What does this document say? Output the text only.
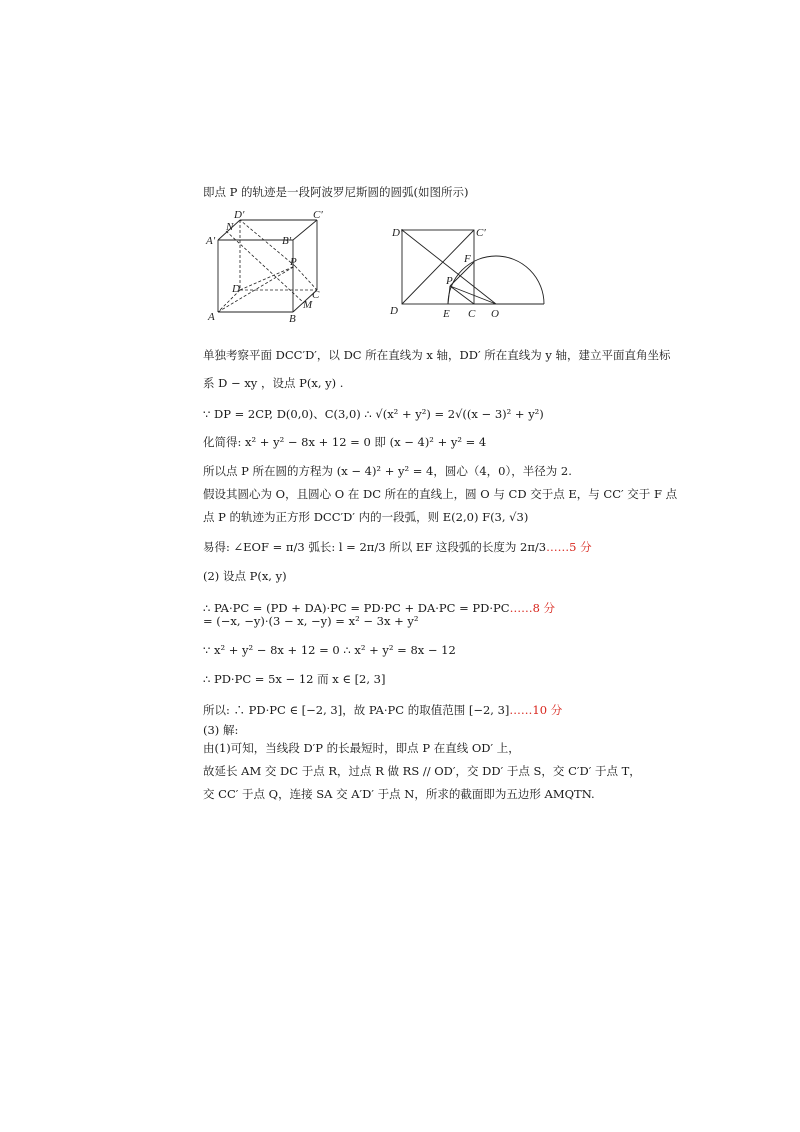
即点 P 的轨迹是一段阿波罗尼斯圆的圆弧(如图所示)
D′	C′
N
A′	B′
P
D	C
M
A	B
D′	C′
F
P
D	E C O
单独考察平面 DCC′D′，以 DC 所在直线为 x 轴，DD′ 所在直线为 y 轴，建立平面直角坐标
系 D − xy ，设点 P(x, y) .
∵ DP = 2CP, D(0,0)、C(3,0) ∴ √(x² + y²) = 2√((x − 3)² + y²)
化简得: x² + y² − 8x + 12 = 0 即 (x − 4)² + y² = 4
所以点 P 所在圆的方程为 (x − 4)² + y² = 4，圆心（4，0），半径为 2.
假设其圆心为 O，且圆心 O 在 DC 所在的直线上，圆 O 与 CD 交于点 E，与 CC′ 交于 F 点
点 P 的轨迹为正方形 DCC′D′ 内的一段弧，则 E(2,0) F(3, √3)
易得: ∠EOF = π/3 弧长: l = 2π/3 所以 EF 这段弧的长度为 2π/3……5 分
(2) 设点 P(x, y)
∴ PA·PC = (PD + DA)·PC = PD·PC + DA·PC = PD·PC……8 分
= (−x, −y)·(3 − x, −y) = x² − 3x + y²
∵ x² + y² − 8x + 12 = 0 ∴ x² + y² = 8x − 12
∴ PD·PC = 5x − 12 而 x ∈ [2, 3]
所以: ∴ PD·PC ∈ [−2, 3]，故 PA·PC 的取值范围 [−2, 3]……10 分
(3) 解:
由(1)可知，当线段 D′P 的长最短时，即点 P 在直线 OD′ 上，
故延长 AM 交 DC 于点 R，过点 R 做 RS // OD′，交 DD′ 于点 S，交 C′D′ 于点 T，
交 CC′ 于点 Q，连接 SA 交 A′D′ 于点 N，所求的截面即为五边形 AMQTN.
